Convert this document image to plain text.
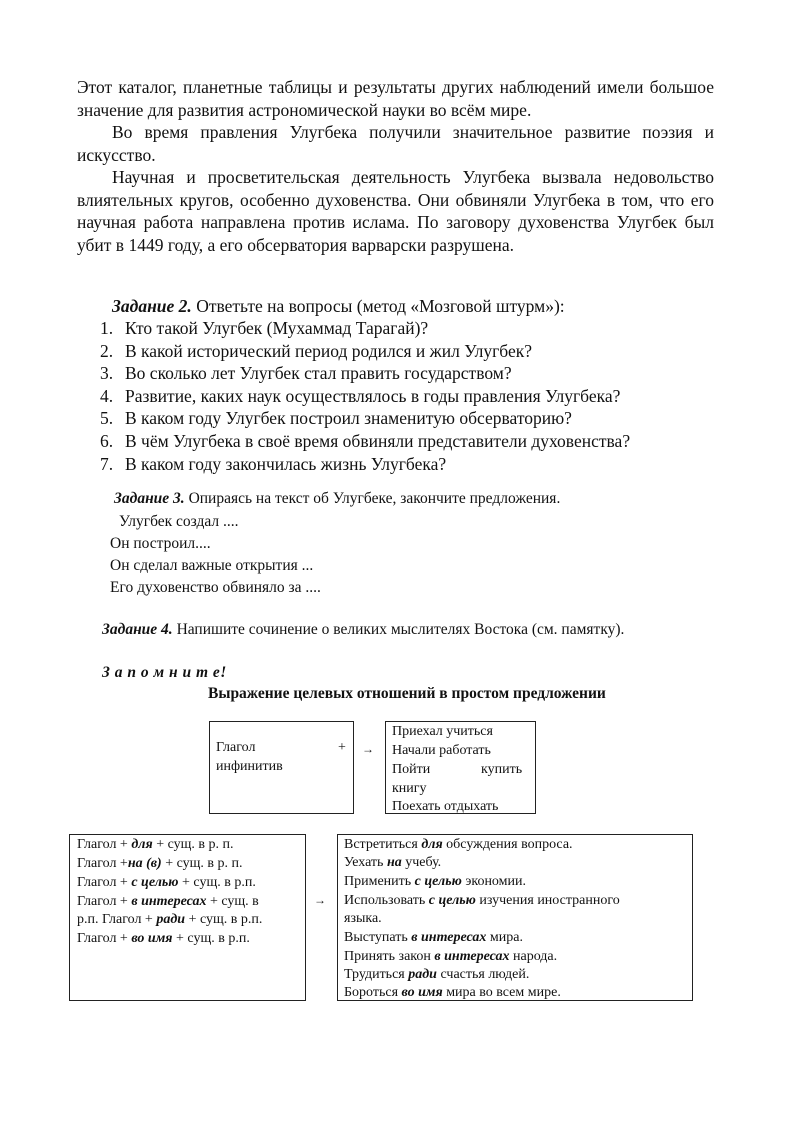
Этот каталог, планетные таблицы и результаты других наблюдений имели большое значение для развития астрономической науки во всём мире.
Во время правления Улугбека получили значительное развитие поэзия и искусство.
Научная и просветительская деятельность Улугбека вызвала недовольство влиятельных кругов, особенно духовенства. Они обвиняли Улугбека в том, что его научная работа направлена против ислама. По заговору духовенства Улугбек был убит в 1449 году, а его обсерватория варварски разрушена.
Задание 2. Ответьте на вопросы (метод «Мозговой штурм»):
1. Кто такой Улугбек (Мухаммад Тарагай)?
2. В какой исторический период родился и жил Улугбек?
3. Во сколько лет Улугбек стал править государством?
4. Развитие, каких наук осуществлялось в годы правления Улугбека?
5. В каком году Улугбек построил знаменитую обсерваторию?
6. В чём Улугбека в своё время обвиняли представители духовенства?
7. В каком году закончилась жизнь Улугбека?
Задание 3. Опираясь на текст об Улугбеке, закончите предложения.
Улугбек создал ....
Он построил....
Он сделал важные открытия ...
Его духовенство обвиняло за ....
Задание 4. Напишите сочинение о великих мыслителях Востока (см. памятку).
З а п о м н и т е!
Выражение целевых отношений в простом предложении
Глагол	+
инфинитив
→
Приехал учиться
Начали работать
Пойти	купить
книгу
Поехать отдыхать
Глагол + для + сущ. в р. п.
Глагол +на (в) + сущ. в р. п.
Глагол + с целью + сущ. в р.п.
Глагол + в интересах + сущ. в
р.п. Глагол + ради + сущ. в р.п.
Глагол + во имя + сущ. в р.п.
→
Встретиться для обсуждения вопроса.
Уехать на учебу.
Применить с целью экономии.
Использовать с целью изучения иностранного
языка.
Выступать в интересах мира.
Принять закон в интересах народа.
Трудиться ради счастья людей.
Бороться во имя мира во всем мире.
